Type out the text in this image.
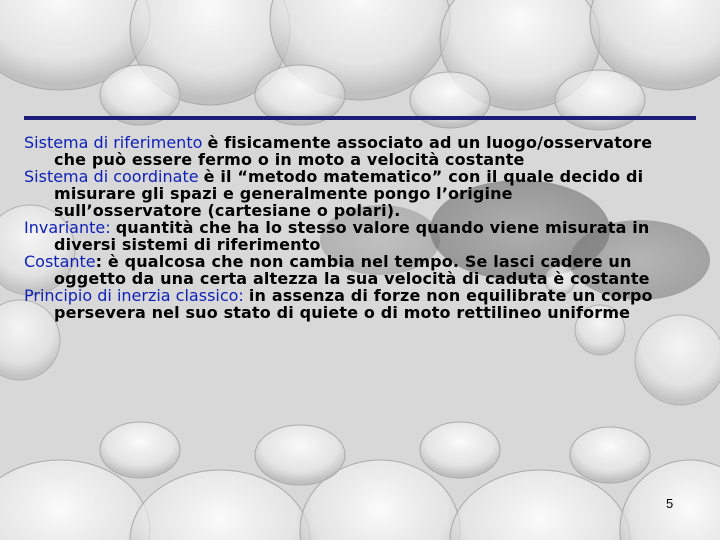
Sistema di riferimento è fisicamente associato ad un luogo/osservatore che può essere fermo o in moto a velocità costante

Sistema di coordinate è il “metodo matematico” con il quale decido di misurare gli spazi e generalmente pongo l’origine sull’osservatore (cartesiane o polari).

Invariante: quantità che ha lo stesso valore quando viene misurata in diversi sistemi di riferimento

Costante: è qualcosa che non cambia nel tempo. Se lasci cadere un oggetto da una certa altezza la sua velocità di caduta è costante

Principio di inerzia classico: in assenza di forze non equilibrate un corpo persevera nel suo stato di quiete o di moto rettilineo uniforme

5
